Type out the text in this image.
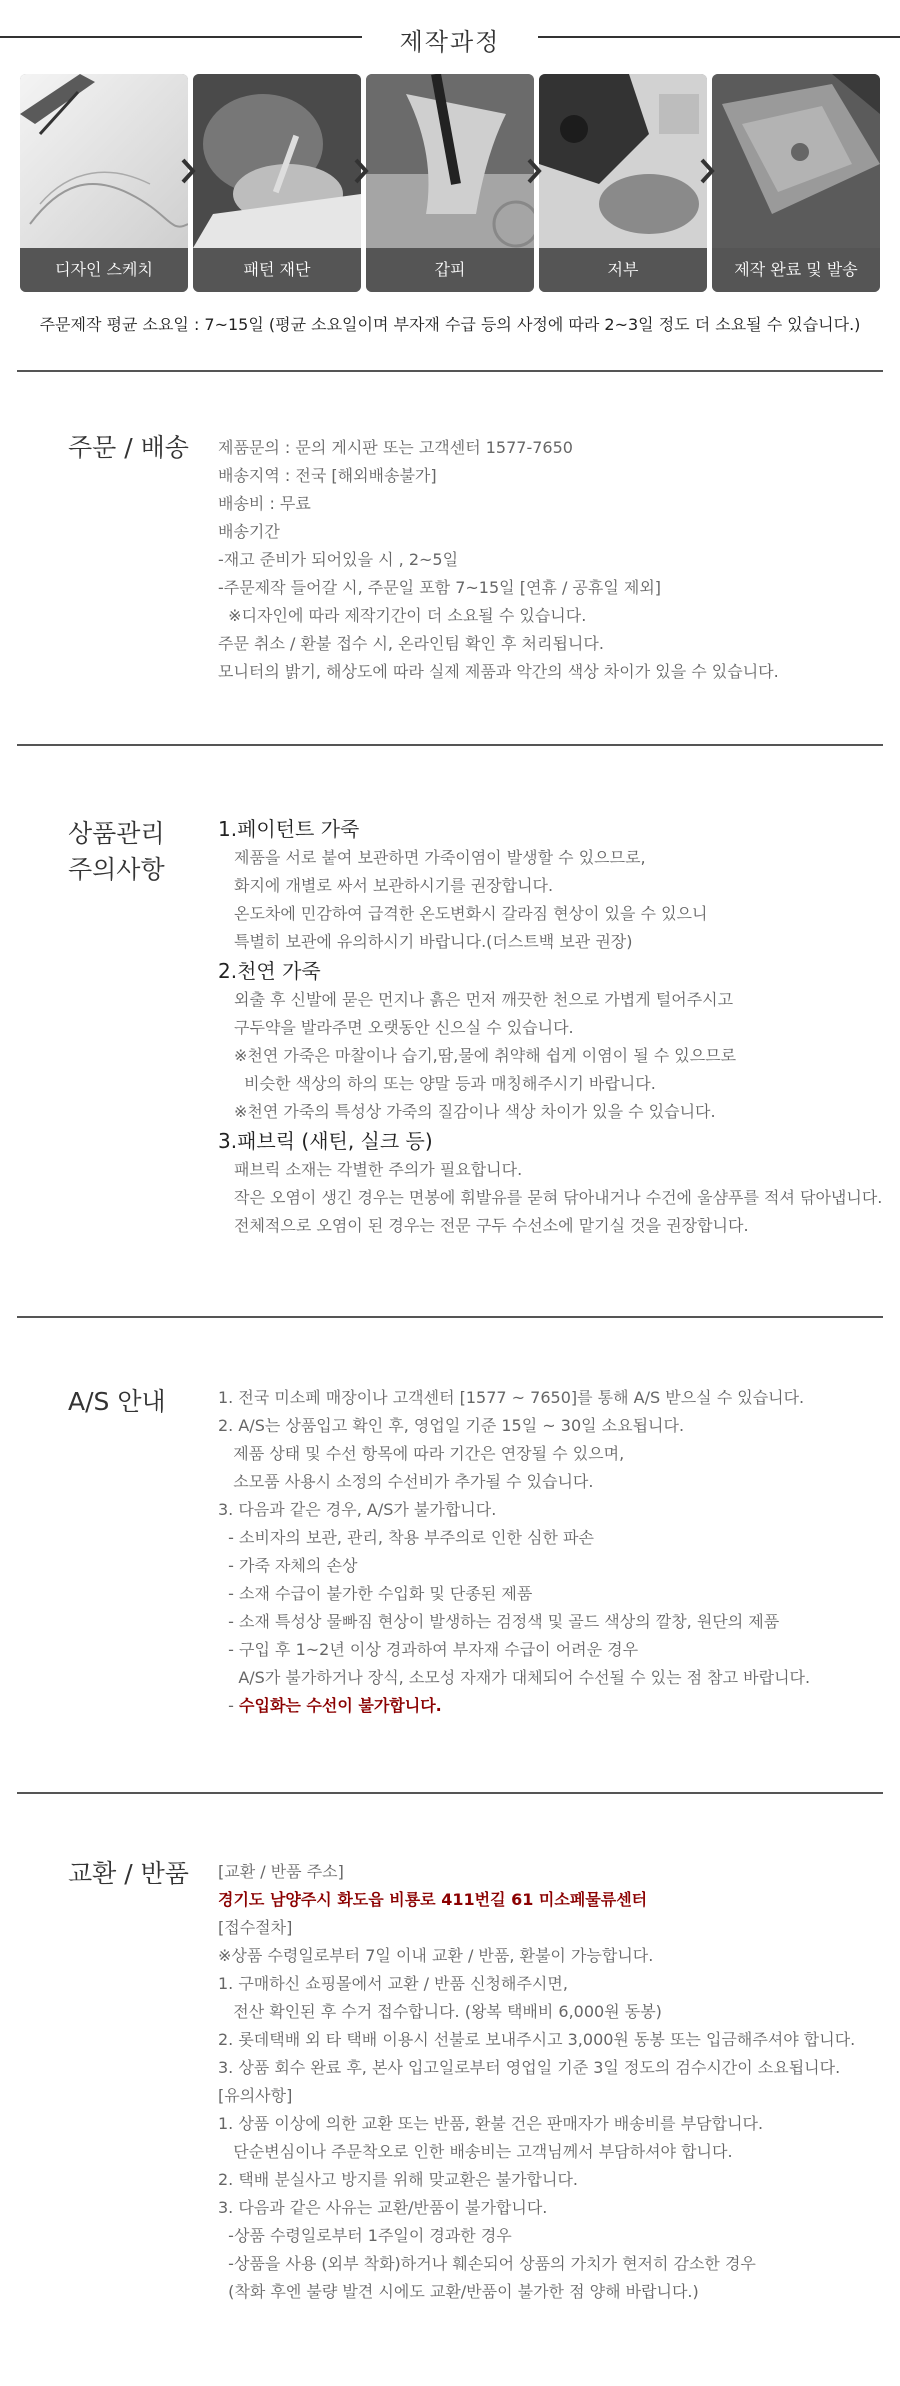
제작과정
디자인 스케치	패턴 재단	갑피	저부	제작 완료 및 발송
주문제작 평균 소요일 : 7~15일 (평균 소요일이며 부자재 수급 등의 사정에 따라 2~3일 정도 더 소요될 수 있습니다.)
주문 / 배송 제품문의 : 문의 게시판 또는 고객센터 1577-7650
배송지역 : 전국 [해외배송불가]
배송비 : 무료
배송기간
-재고 준비가 되어있을 시 , 2~5일
-주문제작 들어갈 시, 주문일 포함 7~15일 [연휴 / 공휴일 제외]
※디자인에 따라 제작기간이 더 소요될 수 있습니다.
주문 취소 / 환불 접수 시, 온라인팀 확인 후 처리됩니다.
모니터의 밝기, 해상도에 따라 실제 제품과 악간의 색상 차이가 있을 수 있습니다.
상품관리
주의사항
1.페이턴트 가죽
제품을 서로 붙여 보관하면 가죽이염이 발생할 수 있으므로,
화지에 개별로 싸서 보관하시기를 권장합니다.
온도차에 민감하여 급격한 온도변화시 갈라짐 현상이 있을 수 있으니
특별히 보관에 유의하시기 바랍니다.(더스트백 보관 권장)
2.천연 가죽
외출 후 신발에 묻은 먼지나 흙은 먼저 깨끗한 천으로 가볍게 털어주시고
구두약을 발라주면 오랫동안 신으실 수 있습니다.
※천연 가죽은 마찰이나 습기,땀,물에 취약해 쉽게 이염이 될 수 있으므로
비슷한 색상의 하의 또는 양말 등과 매칭해주시기 바랍니다.
※천연 가죽의 특성상 가죽의 질감이나 색상 차이가 있을 수 있습니다.
3.패브릭 (새틴, 실크 등)
패브릭 소재는 각별한 주의가 필요합니다.
작은 오염이 생긴 경우는 면봉에 휘발유를 묻혀 닦아내거나 수건에 울샴푸를 적셔 닦아냅니다.
전체적으로 오염이 된 경우는 전문 구두 수선소에 맡기실 것을 권장합니다.
A/S 안내	1. 전국 미소페 매장이나 고객센터 [1577 ~ 7650]를 통해 A/S 받으실 수 있습니다.
2. A/S는 상품입고 확인 후, 영업일 기준 15일 ~ 30일 소요됩니다.
제품 상태 및 수선 항목에 따라 기간은 연장될 수 있으며,
소모품 사용시 소정의 수선비가 추가될 수 있습니다.
3. 다음과 같은 경우, A/S가 불가합니다.
- 소비자의 보관, 관리, 착용 부주의로 인한 심한 파손
- 가죽 자체의 손상
- 소재 수급이 불가한 수입화 및 단종된 제품
- 소재 특성상 물빠짐 현상이 발생하는 검정색 및 골드 색상의 깔창, 원단의 제품
- 구입 후 1~2년 이상 경과하여 부자재 수급이 어려운 경우
A/S가 불가하거나 장식, 소모성 자재가 대체되어 수선될 수 있는 점 참고 바랍니다.
- 수입화는 수선이 불가합니다.
교환 / 반품 [교환 / 반품 주소]
경기도 남양주시 화도읍 비룡로 411번길 61 미소페물류센터
[접수절차]
※상품 수령일로부터 7일 이내 교환 / 반품, 환불이 가능합니다.
1. 구매하신 쇼핑몰에서 교환 / 반품 신청해주시면,
전산 확인된 후 수거 접수합니다. (왕복 택배비 6,000원 동봉)
2. 롯데택배 외 타 택배 이용시 선불로 보내주시고 3,000원 동봉 또는 입금해주셔야 합니다.
3. 상품 회수 완료 후, 본사 입고일로부터 영업일 기준 3일 정도의 검수시간이 소요됩니다.
[유의사항]
1. 상품 이상에 의한 교환 또는 반품, 환불 건은 판매자가 배송비를 부담합니다.
단순변심이나 주문착오로 인한 배송비는 고객님께서 부담하셔야 합니다.
2. 택배 분실사고 방지를 위해 맞교환은 불가합니다.
3. 다음과 같은 사유는 교환/반품이 불가합니다.
-상품 수령일로부터 1주일이 경과한 경우
-상품을 사용 (외부 착화)하거나 훼손되어 상품의 가치가 현저히 감소한 경우
(착화 후엔 불량 발견 시에도 교환/반품이 불가한 점 양해 바랍니다.)
